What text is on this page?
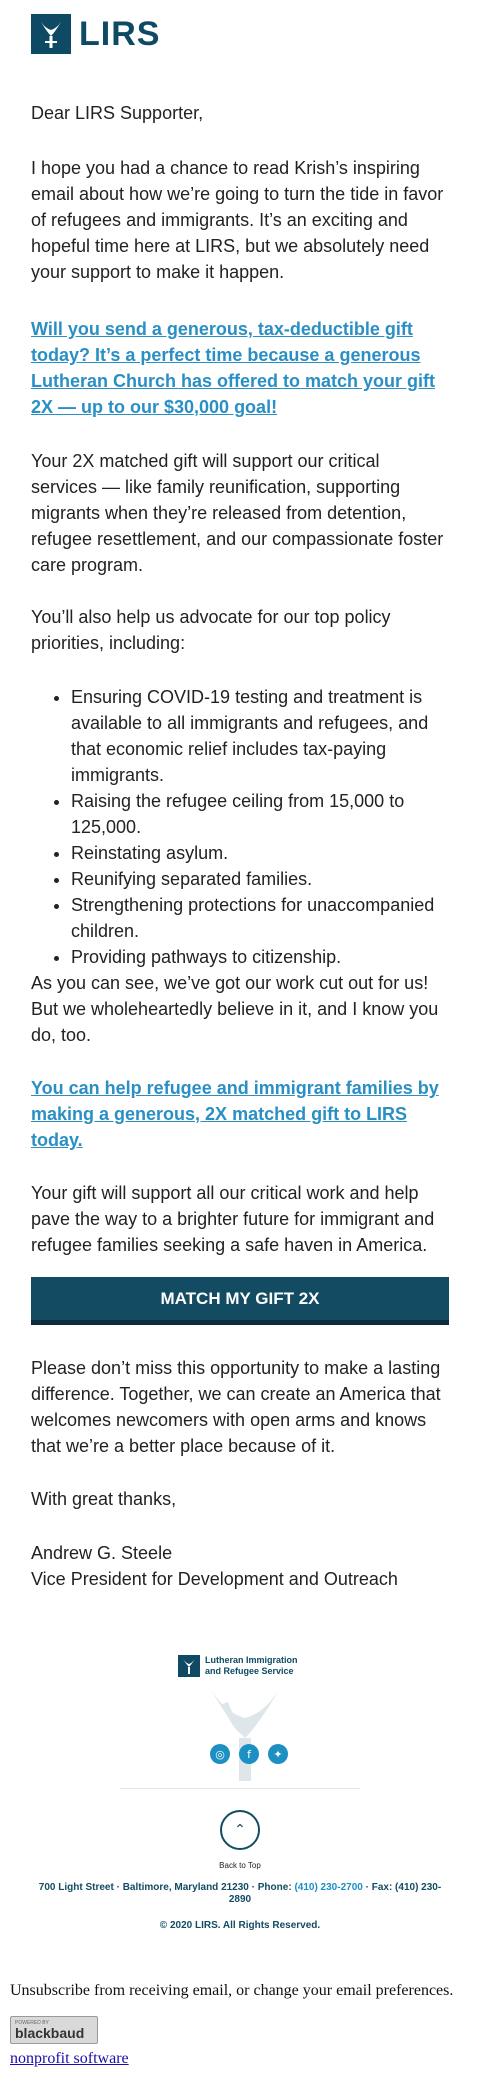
LIRS

Dear LIRS Supporter,

I hope you had a chance to read Krish’s inspiring email about how we’re going to turn the tide in favor of refugees and immigrants. It’s an exciting and hopeful time here at LIRS, but we absolutely need your support to make it happen.

Will you send a generous, tax-deductible gift today? It’s a perfect time because a generous Lutheran Church has offered to match your gift 2X — up to our $30,000 goal!

Your 2X matched gift will support our critical services — like family reunification, supporting migrants when they’re released from detention, refugee resettlement, and our compassionate foster care program.

You’ll also help us advocate for our top policy priorities, including:

• Ensuring COVID-19 testing and treatment is available to all immigrants and refugees, and that economic relief includes tax-paying immigrants.
• Raising the refugee ceiling from 15,000 to 125,000.
• Reinstating asylum.
• Reunifying separated families.
• Strengthening protections for unaccompanied children.
• Providing pathways to citizenship.

As you can see, we’ve got our work cut out for us! But we wholeheartedly believe in it, and I know you do, too.

You can help refugee and immigrant families by making a generous, 2X matched gift to LIRS today.

Your gift will support all our critical work and help pave the way to a brighter future for immigrant and refugee families seeking a safe haven in America.

MATCH MY GIFT 2X

Please don’t miss this opportunity to make a lasting difference. Together, we can create an America that welcomes newcomers with open arms and knows that we’re a better place because of it.

With great thanks,

Andrew G. Steele

Vice President for Development and Outreach

Lutheran Immigration
and Refugee Service
◎	f	✦
⌃
Back to Top
700 Light Street · Baltimore, Maryland 21230 · Phone: (410) 230-2700 · Fax: (410) 230-
2890
© 2020 LIRS. All Rights Reserved.
Unsubscribe from receiving email, or change your email preferences.
POWERED BY
blackbaud
nonprofit software
